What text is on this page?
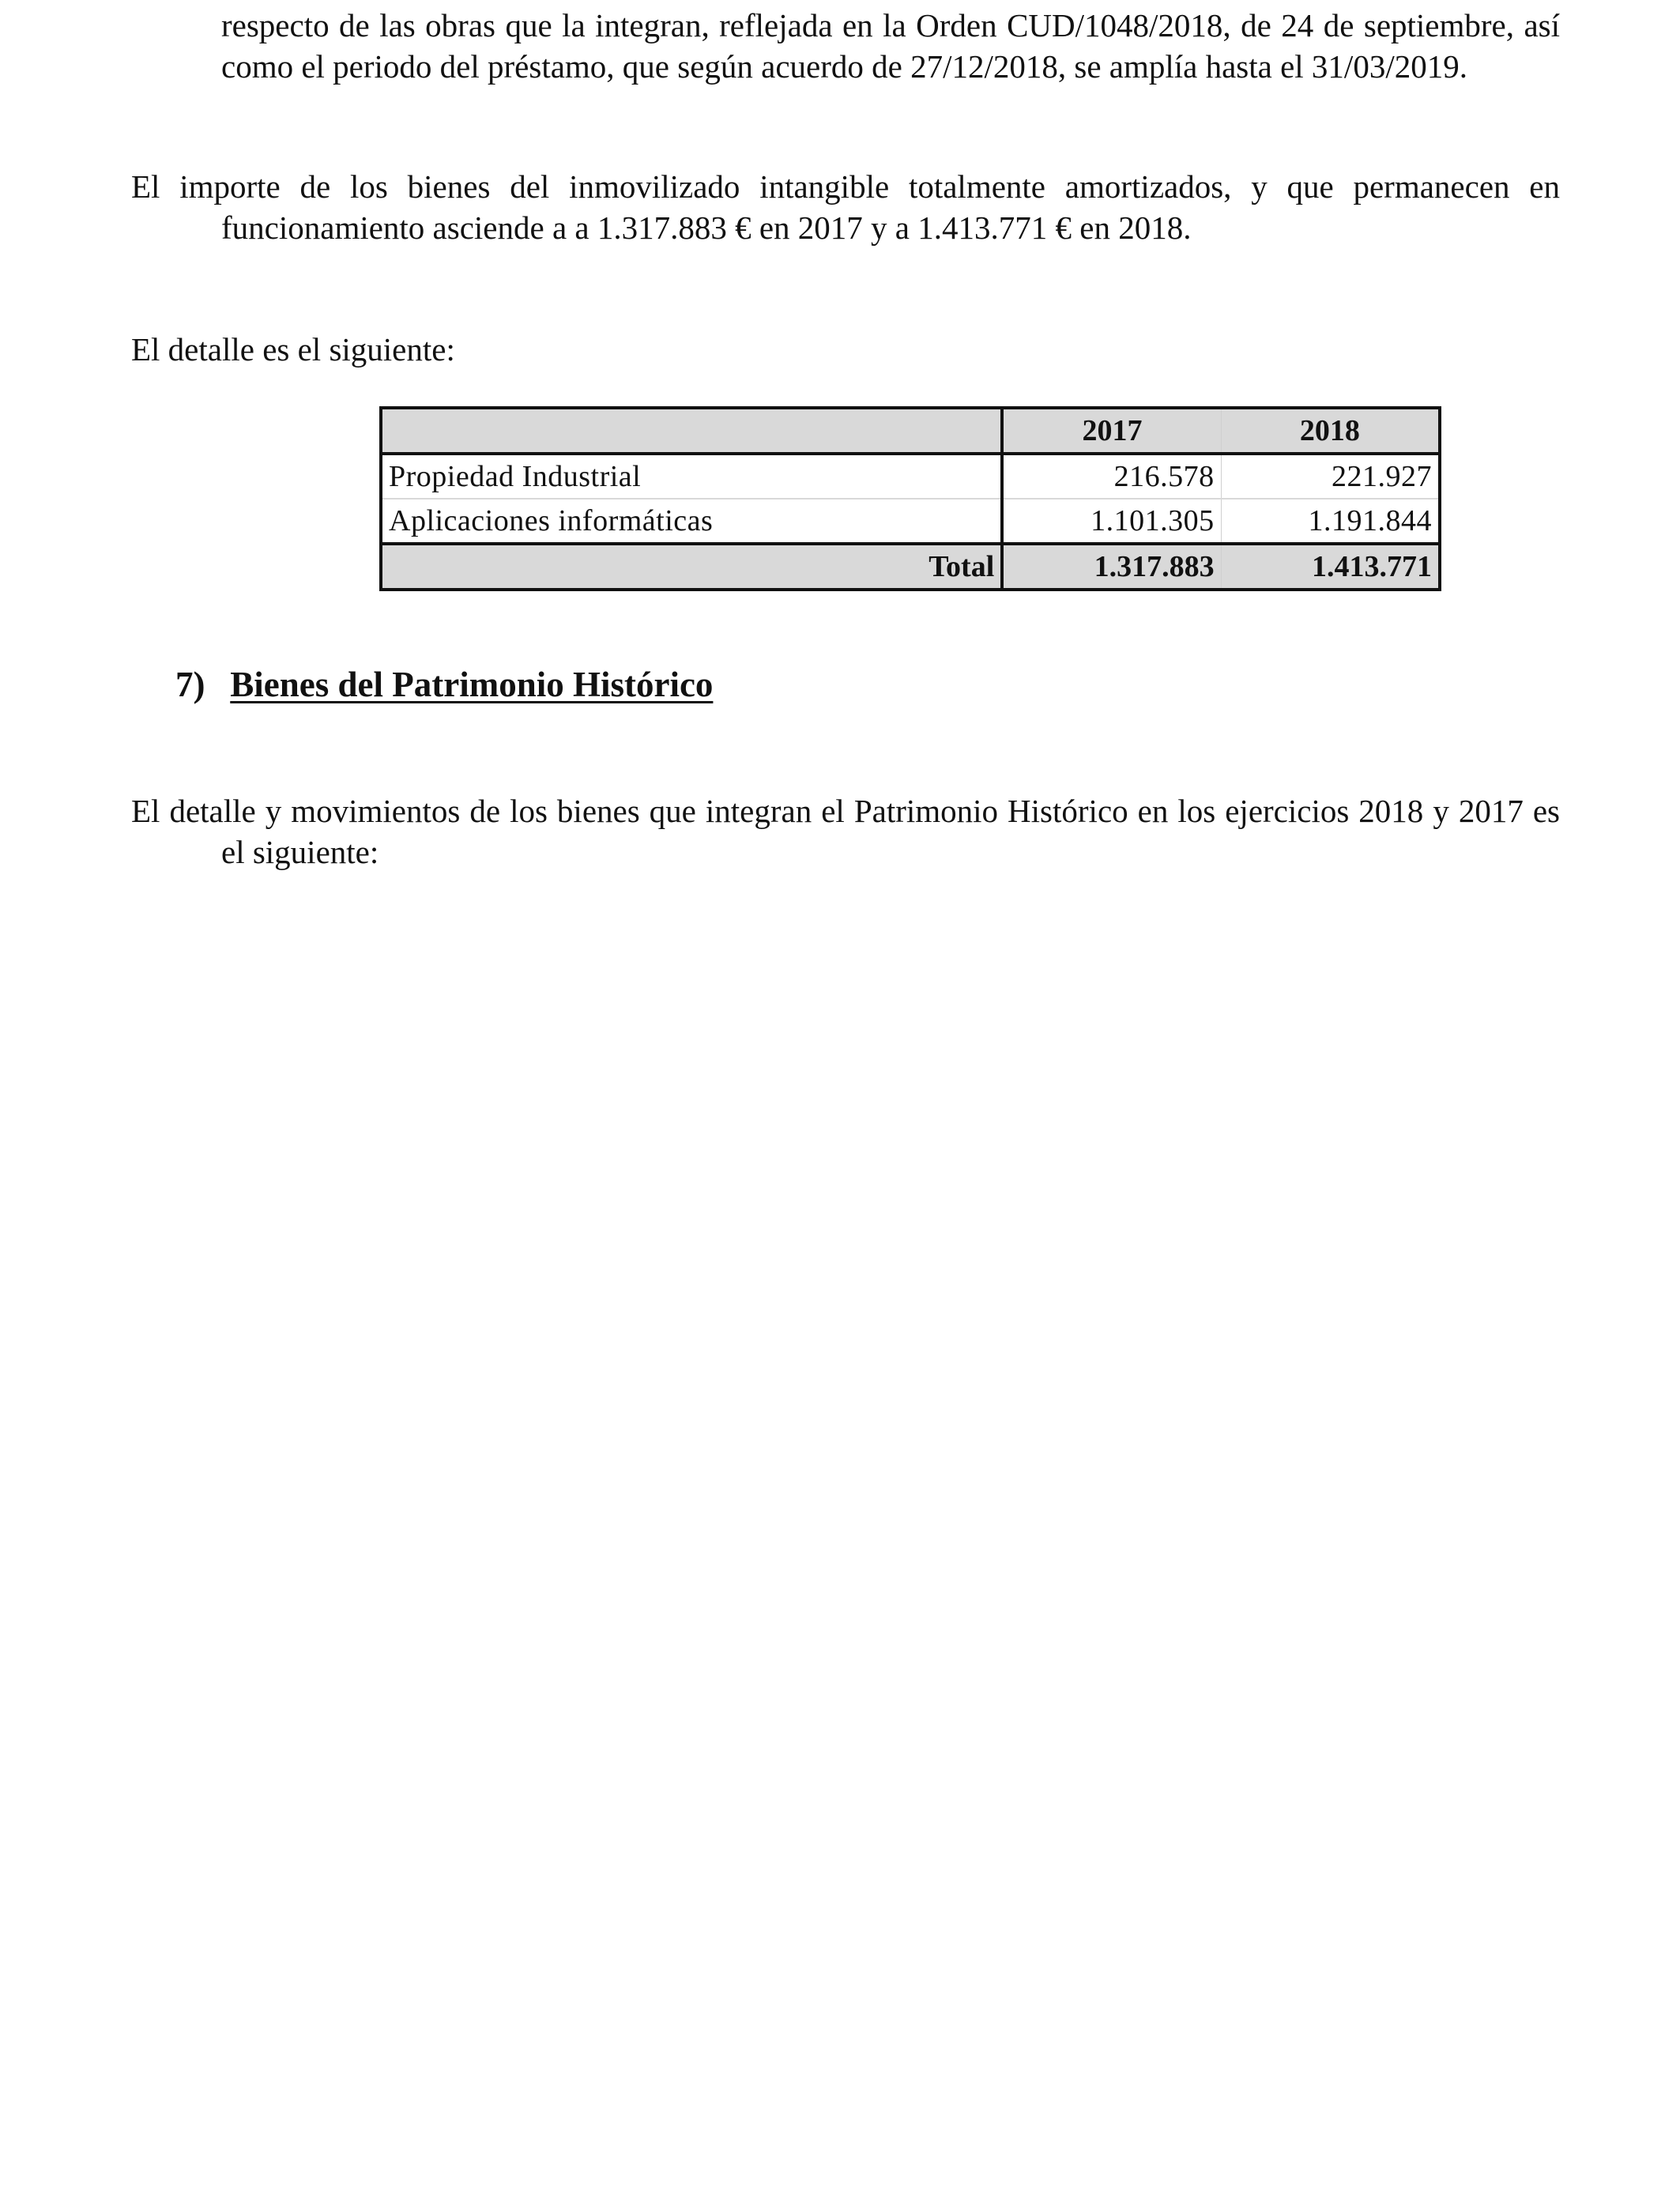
respecto de las obras que la integran, reflejada en la Orden CUD/1048/2018, de 24 de septiembre, así como el periodo del préstamo, que según acuerdo de 27/12/2018, se amplía hasta el 31/03/2019.

El importe de los bienes del inmovilizado intangible totalmente amortizados, y que permanecen en funcionamiento asciende a a 1.317.883 € en 2017 y a 1.413.771 € en 2018.

El detalle es el siguiente:

	2017	2018
Propiedad Industrial	216.578	221.927
Aplicaciones informáticas	1.101.305	1.191.844
Total	1.317.883	1.413.771
7) Bienes del Patrimonio Histórico

El detalle y movimientos de los bienes que integran el Patrimonio Histórico en los ejercicios 2018 y 2017 es el siguiente:
